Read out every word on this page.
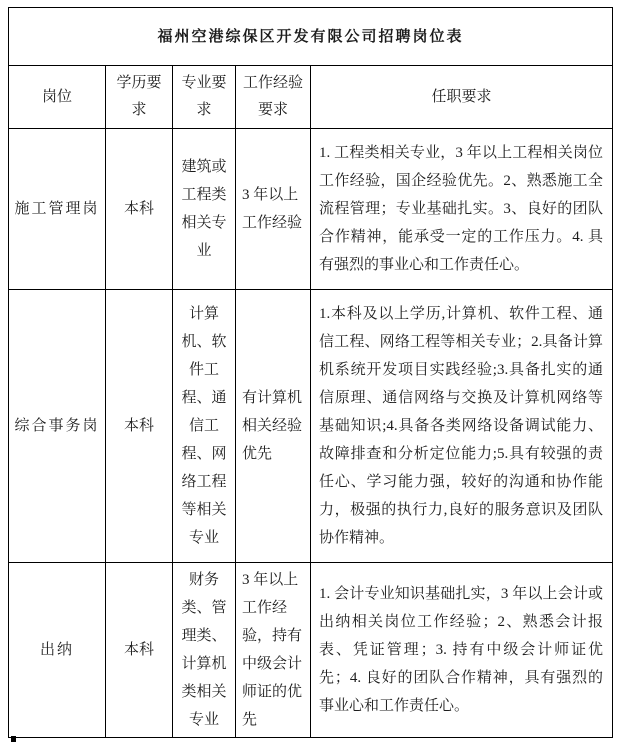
福州空港综保区开发有限公司招聘岗位表				
岗位	学历要求	专业要求	工作经验要求	任职要求
施工管理岗	本科	建筑或工程类相关专业	3 年以上工作经验	1. 工程类相关专业，3 年以上工程相关岗位工作经验，国企经验优先。2、熟悉施工全流程管理；专业基础扎实。3、良好的团队合作精神，能承受一定的工作压力。4. 具有强烈的事业心和工作责任心。
综合事务岗	本科	计算机、软件工程、通信工程、网络工程等相关专业	有计算机相关经验优先	1.本科及以上学历,计算机、软件工程、通信工程、网络工程等相关专业；2.具备计算机系统开发项目实践经验;3.具备扎实的通信原理、通信网络与交换及计算机网络等基础知识;4.具备各类网络设备调试能力、故障排查和分析定位能力;5.具有较强的责任心、学习能力强，较好的沟通和协作能力，极强的执行力,良好的服务意识及团队协作精神。
出纳	本科	财务类、管理类、计算机类相关专业	3 年以上工作经验，持有中级会计师证的优先	1. 会计专业知识基础扎实，3 年以上会计或出纳相关岗位工作经验；2、熟悉会计报表、凭证管理；3. 持有中级会计师证优先；4. 良好的团队合作精神，具有强烈的事业心和工作责任心。
